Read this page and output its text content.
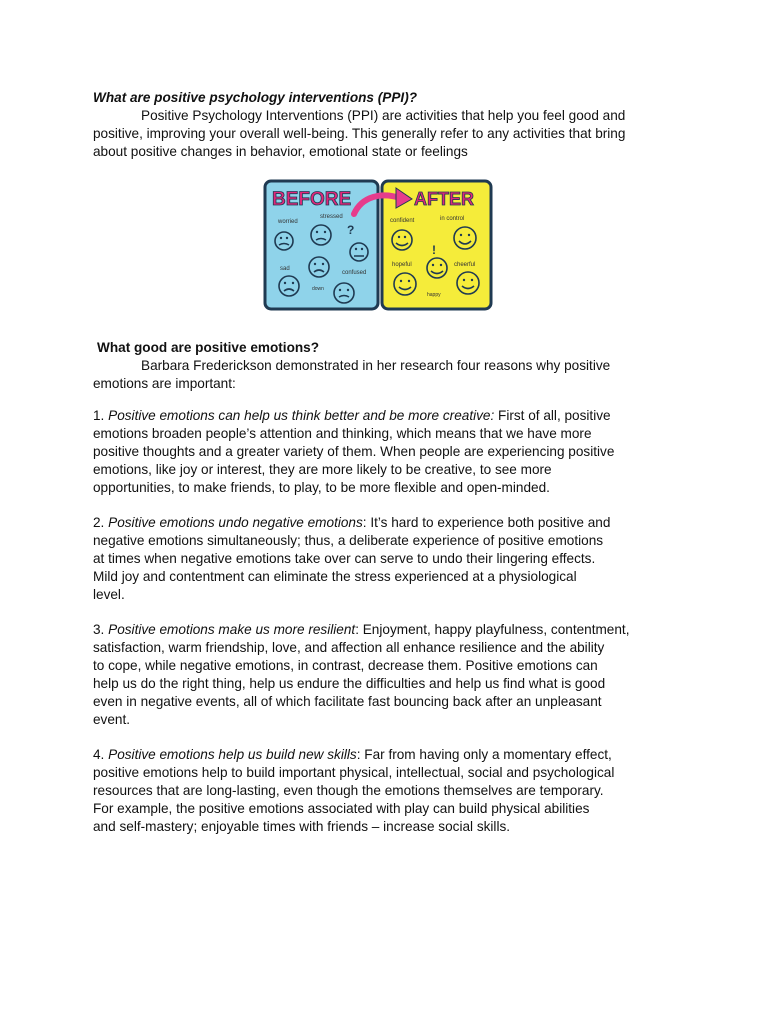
What are positive psychology interventions (PPI)?
Positive Psychology Interventions (PPI) are activities that help you feel good and
positive, improving your overall well-being. This generally refer to any activities that bring
about positive changes in behavior, emotional state or feelings
BEFORE	AFTER
worried
stressed
sad
confused
down
?
confident	in control
hopeful	cheerful
happy
!
What good are positive emotions?
Barbara Frederickson demonstrated in her research four reasons why positive
emotions are important:
1. Positive emotions can help us think better and be more creative: First of all, positive
emotions broaden people’s attention and thinking, which means that we have more
positive thoughts and a greater variety of them. When people are experiencing positive
emotions, like joy or interest, they are more likely to be creative, to see more
opportunities, to make friends, to play, to be more flexible and open-minded.
2. Positive emotions undo negative emotions: It’s hard to experience both positive and
negative emotions simultaneously; thus, a deliberate experience of positive emotions
at times when negative emotions take over can serve to undo their lingering effects.
Mild joy and contentment can eliminate the stress experienced at a physiological
level.
3. Positive emotions make us more resilient: Enjoyment, happy playfulness, contentment,
satisfaction, warm friendship, love, and affection all enhance resilience and the ability
to cope, while negative emotions, in contrast, decrease them. Positive emotions can
help us do the right thing, help us endure the difficulties and help us find what is good
even in negative events, all of which facilitate fast bouncing back after an unpleasant
event.
4. Positive emotions help us build new skills: Far from having only a momentary effect,
positive emotions help to build important physical, intellectual, social and psychological
resources that are long-lasting, even though the emotions themselves are temporary.
For example, the positive emotions associated with play can build physical abilities
and self-mastery; enjoyable times with friends – increase social skills.
